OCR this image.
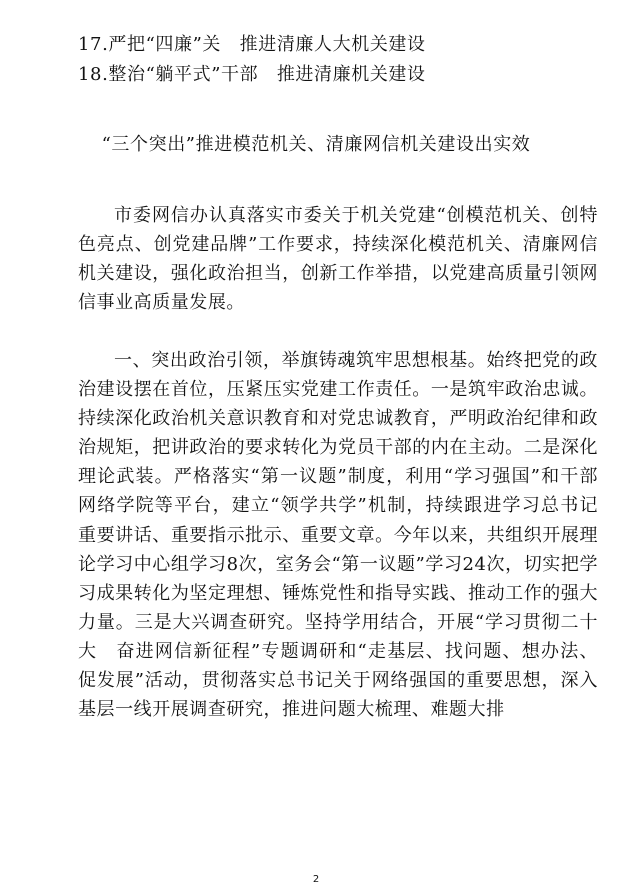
17.严把“四廉”关　推进清廉人大机关建设
18.整治“躺平式”干部　推进清廉机关建设
“三个突出”推进模范机关、清廉网信机关建设出实效

市委网信办认真落实市委关于机关党建“创模范机关、创特色亮点、创党建品牌”工作要求，持续深化模范机关、清廉网信机关建设，强化政治担当，创新工作举措，以党建高质量引领网信事业高质量发展。

一、突出政治引领，举旗铸魂筑牢思想根基。始终把党的政治建设摆在首位，压紧压实党建工作责任。一是筑牢政治忠诚。持续深化政治机关意识教育和对党忠诚教育，严明政治纪律和政治规矩，把讲政治的要求转化为党员干部的内在主动。二是深化理论武装。严格落实“第一议题”制度，利用“学习强国”和干部网络学院等平台，建立“领学共学”机制，持续跟进学习总书记重要讲话、重要指示批示、重要文章。今年以来，共组织开展理论学习中心组学习8次，室务会“第一议题”学习24次，切实把学习成果转化为坚定理想、锤炼党性和指导实践、推动工作的强大力量。三是大兴调查研究。坚持学用结合，开展“学习贯彻二十大　奋进网信新征程”专题调研和“走基层、找问题、想办法、促发展”活动，贯彻落实总书记关于网络强国的重要思想，深入基层一线开展调查研究，推进问题大梳理、难题大排

2
